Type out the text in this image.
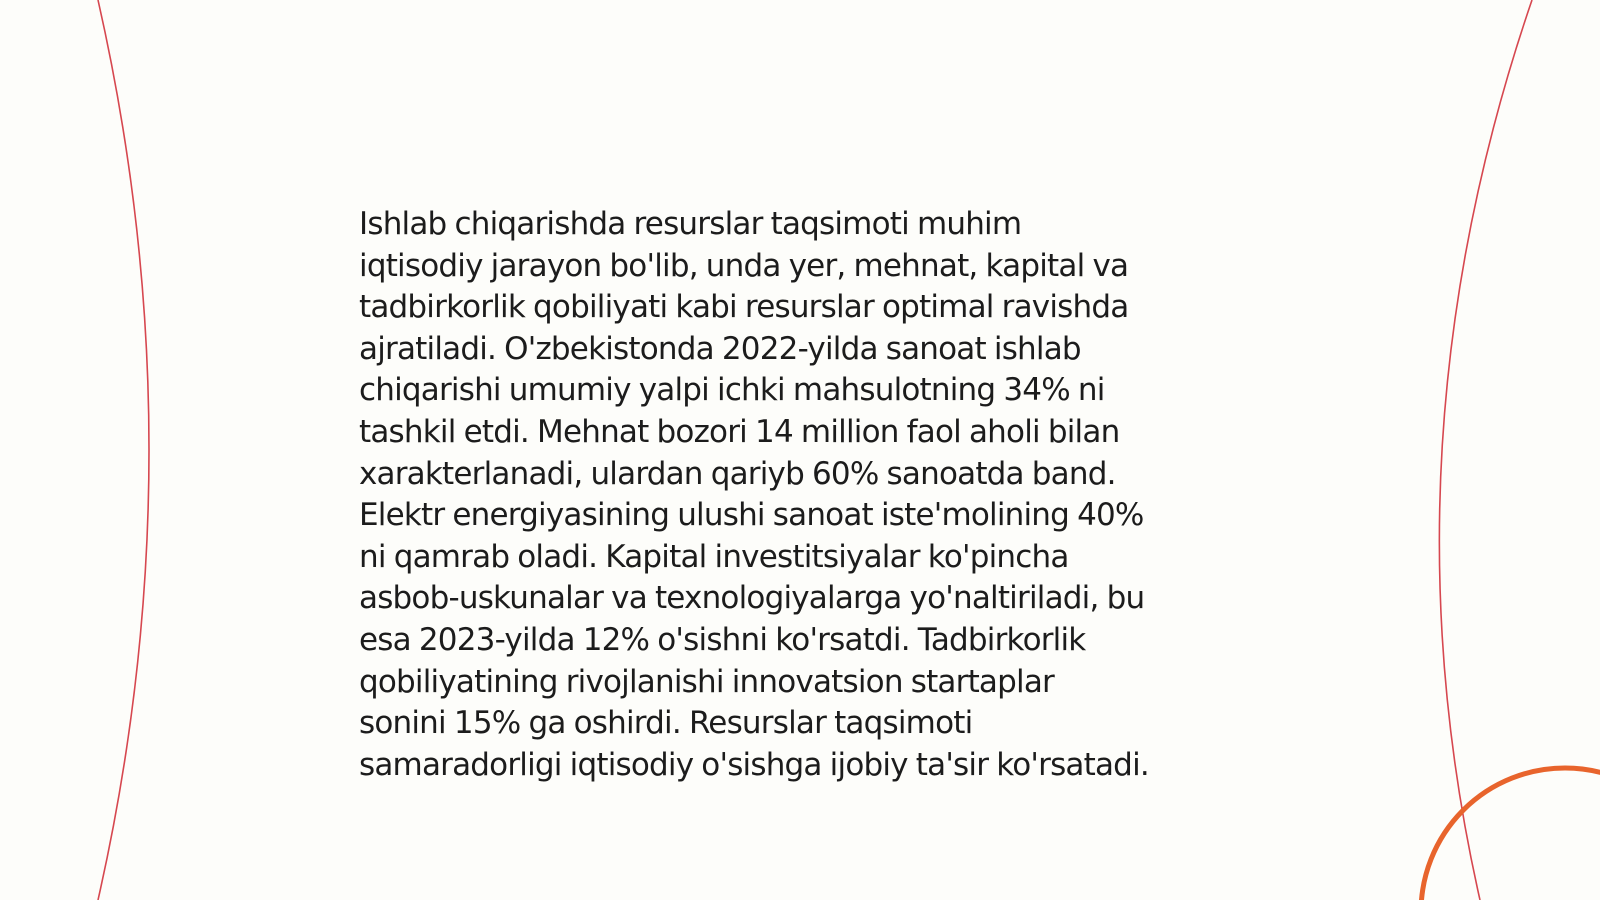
Ishlab chiqarishda resurslar taqsimoti muhim
iqtisodiy jarayon bo'lib, unda yer, mehnat, kapital va
tadbirkorlik qobiliyati kabi resurslar optimal ravishda
ajratiladi. O'zbekistonda 2022-yilda sanoat ishlab
chiqarishi umumiy yalpi ichki mahsulotning 34% ni
tashkil etdi. Mehnat bozori 14 million faol aholi bilan
xarakterlanadi, ulardan qariyb 60% sanoatda band.
Elektr energiyasining ulushi sanoat iste'molining 40%
ni qamrab oladi. Kapital investitsiyalar ko'pincha
asbob-uskunalar va texnologiyalarga yo'naltiriladi, bu
esa 2023-yilda 12% o'sishni ko'rsatdi. Tadbirkorlik
qobiliyatining rivojlanishi innovatsion startaplar
sonini 15% ga oshirdi. Resurslar taqsimoti
samaradorligi iqtisodiy o'sishga ijobiy ta'sir ko'rsatadi.
